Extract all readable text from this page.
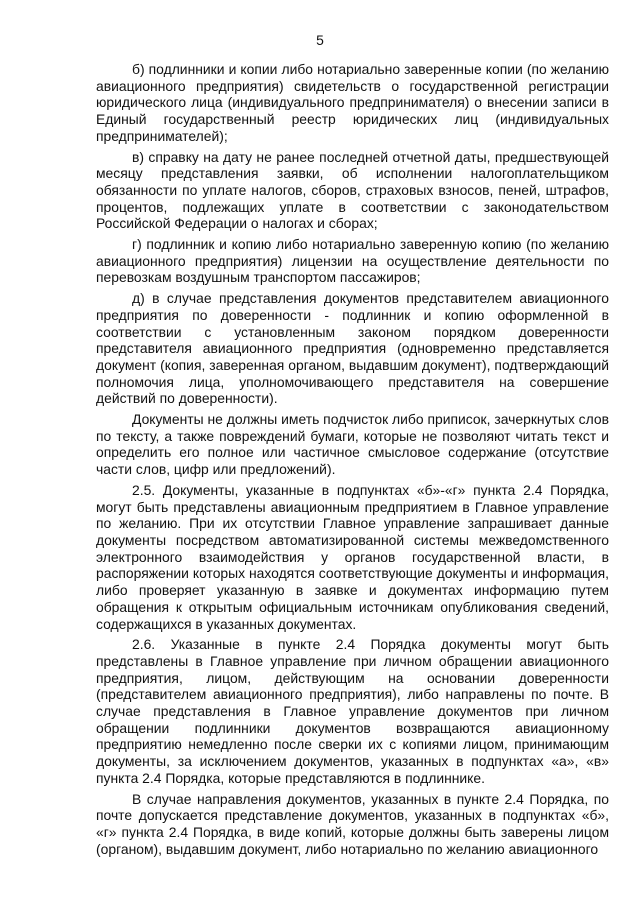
5

б) подлинники и копии либо нотариально заверенные копии (по желанию авиационного предприятия) свидетельств о государственной регистрации юридического лица (индивидуального предпринимателя) о внесении записи в Единый государственный реестр юридических лиц (индивидуальных предпринимателей);

в) справку на дату не ранее последней отчетной даты, предшествующей месяцу представления заявки, об исполнении налогоплательщиком обязанности по уплате налогов, сборов, страховых взносов, пеней, штрафов, процентов, подлежащих уплате в соответствии с законодательством Российской Федерации о налогах и сборах;

г) подлинник и копию либо нотариально заверенную копию (по желанию авиационного предприятия) лицензии на осуществление деятельности по перевозкам воздушным транспортом пассажиров;

д) в случае представления документов представителем авиационного предприятия по доверенности - подлинник и копию оформленной в соответствии с установленным законом порядком доверенности представителя авиационного предприятия (одновременно представляется документ (копия, заверенная органом, выдавшим документ), подтверждающий полномочия лица, уполномочивающего представителя на совершение действий по доверенности).

Документы не должны иметь подчисток либо приписок, зачеркнутых слов по тексту, а также повреждений бумаги, которые не позволяют читать текст и определить его полное или частичное смысловое содержание (отсутствие части слов, цифр или предложений).

2.5. Документы, указанные в подпунктах «б»-«г» пункта 2.4 Порядка, могут быть представлены авиационным предприятием в Главное управление по желанию. При их отсутствии Главное управление запрашивает данные документы посредством автоматизированной системы межведомственного электронного взаимодействия у органов государственной власти, в распоряжении которых находятся соответствующие документы и информация, либо проверяет указанную в заявке и документах информацию путем обращения к открытым официальным источникам опубликования сведений, содержащихся в указанных документах.

2.6. Указанные в пункте 2.4 Порядка документы могут быть представлены в Главное управление при личном обращении авиационного предприятия, лицом, действующим на основании доверенности (представителем авиационного предприятия), либо направлены по почте. В случае представления в Главное управление документов при личном обращении подлинники документов возвращаются авиационному предприятию немедленно после сверки их с копиями лицом, принимающим документы, за исключением документов, указанных в подпунктах «а», «в» пункта 2.4 Порядка, которые представляются в подлиннике.

В случае направления документов, указанных в пункте 2.4 Порядка, по почте допускается представление документов, указанных в подпунктах «б», «г» пункта 2.4 Порядка, в виде копий, которые должны быть заверены лицом (органом), выдавшим документ, либо нотариально по желанию авиационного
